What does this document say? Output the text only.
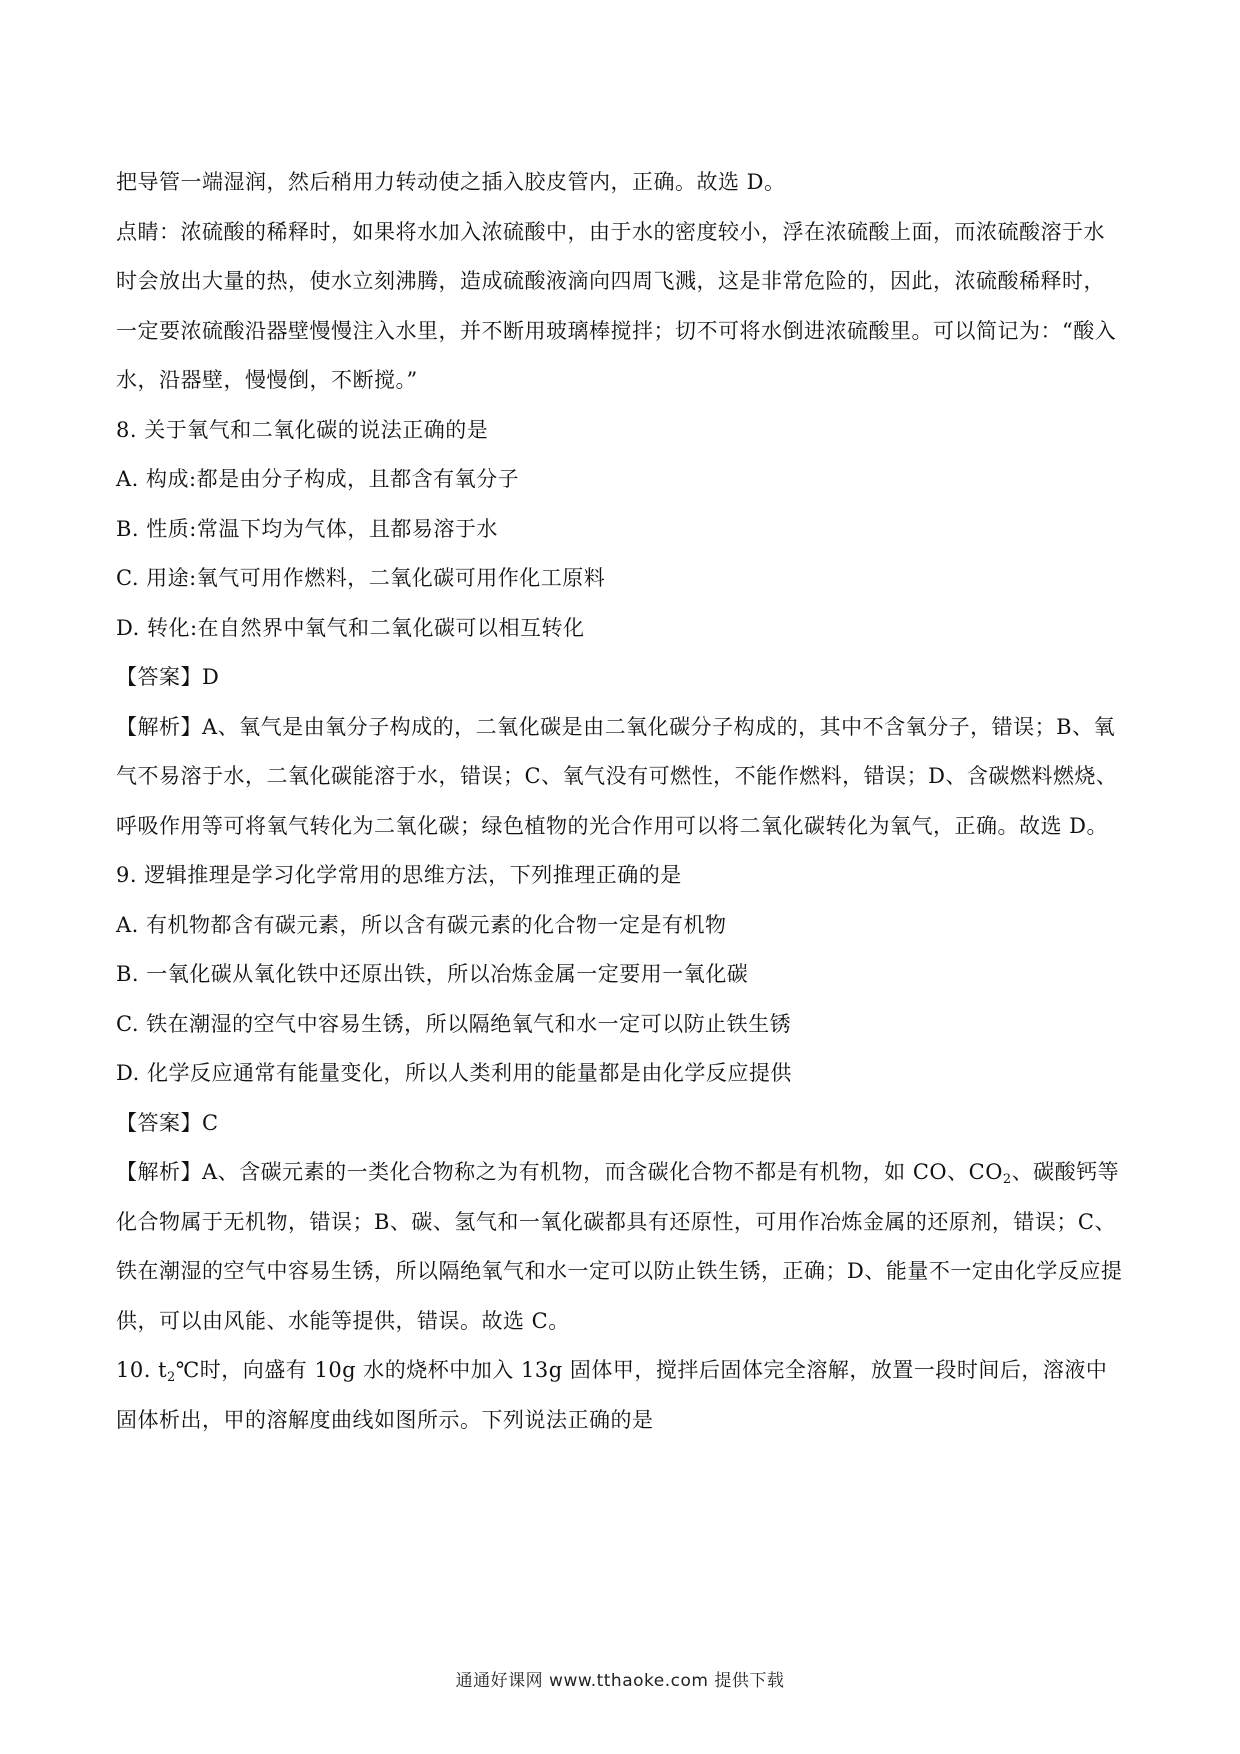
把导管一端湿润，然后稍用力转动使之插入胶皮管内，正确。故选 D。

点睛：浓硫酸的稀释时，如果将水加入浓硫酸中，由于水的密度较小，浮在浓硫酸上面，而浓硫酸溶于水时会放出大量的热，使水立刻沸腾，造成硫酸液滴向四周飞溅，这是非常危险的，因此，浓硫酸稀释时，一定要浓硫酸沿器壁慢慢注入水里，并不断用玻璃棒搅拌；切不可将水倒进浓硫酸里。可以简记为：“酸入水，沿器壁，慢慢倒，不断搅。”

8. 关于氧气和二氧化碳的说法正确的是

A. 构成:都是由分子构成，且都含有氧分子

B. 性质:常温下均为气体，且都易溶于水

C. 用途:氧气可用作燃料，二氧化碳可用作化工原料

D. 转化:在自然界中氧气和二氧化碳可以相互转化

【答案】D

【解析】A、氧气是由氧分子构成的，二氧化碳是由二氧化碳分子构成的，其中不含氧分子，错误；B、氧气不易溶于水，二氧化碳能溶于水，错误；C、氧气没有可燃性，不能作燃料，错误；D、含碳燃料燃烧、呼吸作用等可将氧气转化为二氧化碳；绿色植物的光合作用可以将二氧化碳转化为氧气，正确。故选 D。

9. 逻辑推理是学习化学常用的思维方法，下列推理正确的是

A. 有机物都含有碳元素，所以含有碳元素的化合物一定是有机物

B. 一氧化碳从氧化铁中还原出铁，所以冶炼金属一定要用一氧化碳

C. 铁在潮湿的空气中容易生锈，所以隔绝氧气和水一定可以防止铁生锈

D. 化学反应通常有能量变化，所以人类利用的能量都是由化学反应提供

【答案】C

【解析】A、含碳元素的一类化合物称之为有机物，而含碳化合物不都是有机物，如 CO、$CO_2$、碳酸钙等化合物属于无机物，错误；B、碳、氢气和一氧化碳都具有还原性，可用作冶炼金属的还原剂，错误；C、铁在潮湿的空气中容易生锈，所以隔绝氧气和水一定可以防止铁生锈，正确；D、能量不一定由化学反应提供，可以由风能、水能等提供，错误。故选 C。

10. $t_2℃$时，向盛有 10g 水的烧杯中加入 13g 固体甲，搅拌后固体完全溶解，放置一段时间后，溶液中固体析出，甲的溶解度曲线如图所示。下列说法正确的是

通通好课网 www.tthaoke.com 提供下载
